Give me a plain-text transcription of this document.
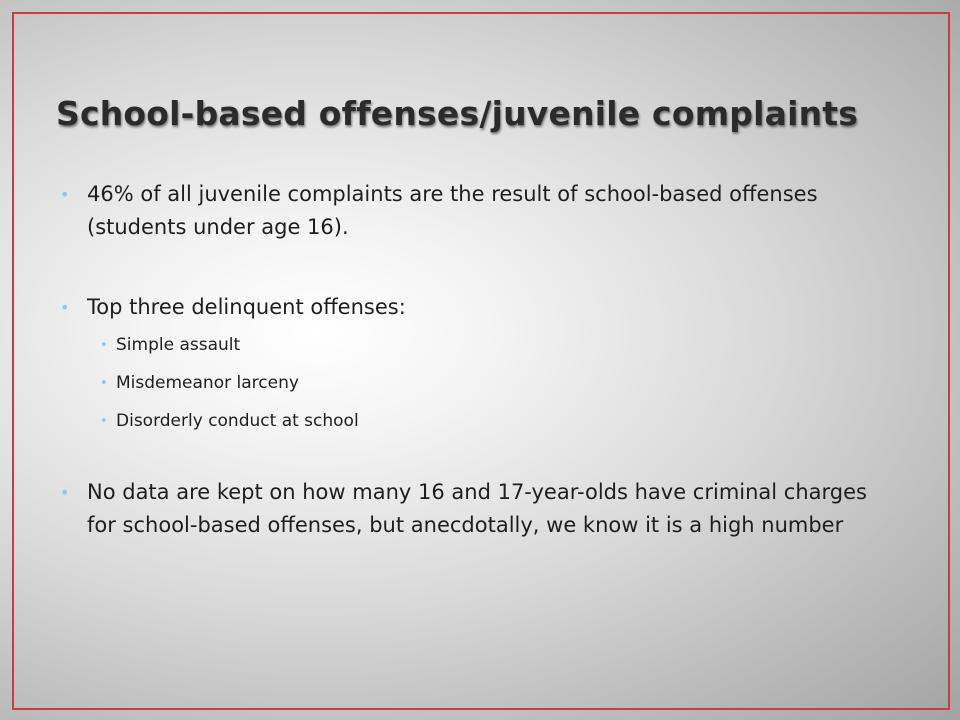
School-based offenses/juvenile complaints
• 46% of all juvenile complaints are the result of school-based offenses (students under age 16).
• Top three delinquent offenses:
• Simple assault
• Misdemeanor larceny
• Disorderly conduct at school
• No data are kept on how many 16 and 17-year-olds have criminal charges for school-based offenses, but anecdotally, we know it is a high number
